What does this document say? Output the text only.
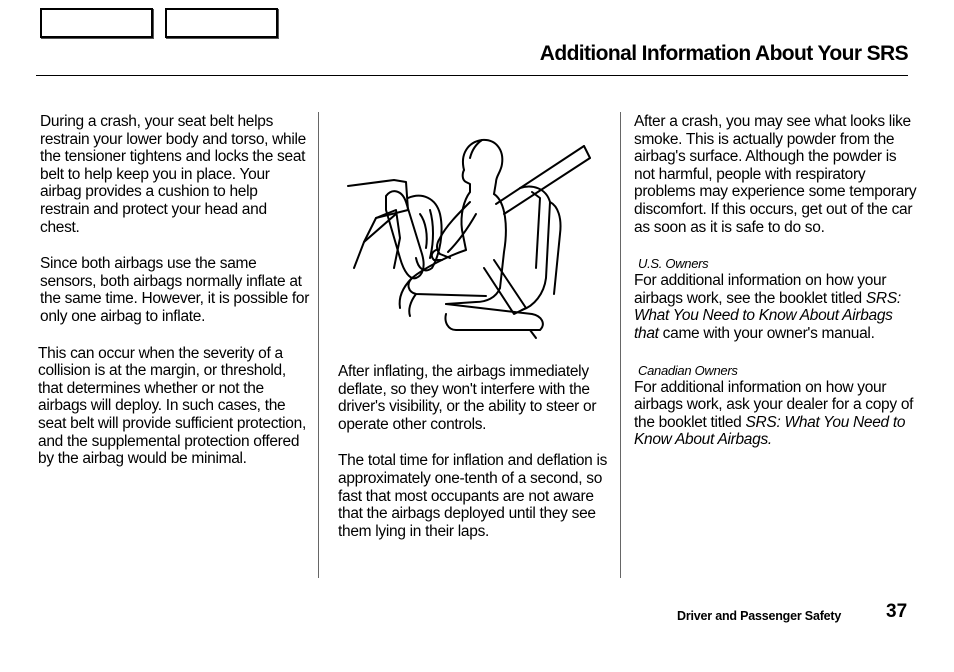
Additional Information About Your SRS

During a crash, your seat belt helps restrain your lower body and torso, while the tensioner tightens and locks the seat belt to help keep you in place. Your airbag provides a cushion to help restrain and protect your head and chest.

Since both airbags use the same sensors, both airbags normally inflate at the same time. However, it is possible for only one airbag to inflate.

This can occur when the severity of a collision is at the margin, or threshold, that determines whether or not the airbags will deploy. In such cases, the seat belt will provide sufficient protection, and the supplemental protection offered by the airbag would be minimal.

After inflating, the airbags immediately deflate, so they won't interfere with the driver's visibility, or the ability to steer or operate other controls.

The total time for inflation and deflation is approximately one-tenth of a second, so fast that most occupants are not aware that the airbags deployed until they see them lying in their laps.

After a crash, you may see what looks like smoke. This is actually powder from the airbag's surface. Although the powder is not harmful, people with respiratory problems may experience some temporary discomfort. If this occurs, get out of the car as soon as it is safe to do so.

U.S. Owners

For additional information on how your airbags work, see the booklet titled SRS: What You Need to Know About Airbags that came with your owner's manual.

Canadian Owners

For additional information on how your airbags work, ask your dealer for a copy of the booklet titled SRS: What You Need to Know About Airbags.

Driver and Passenger Safety 37
